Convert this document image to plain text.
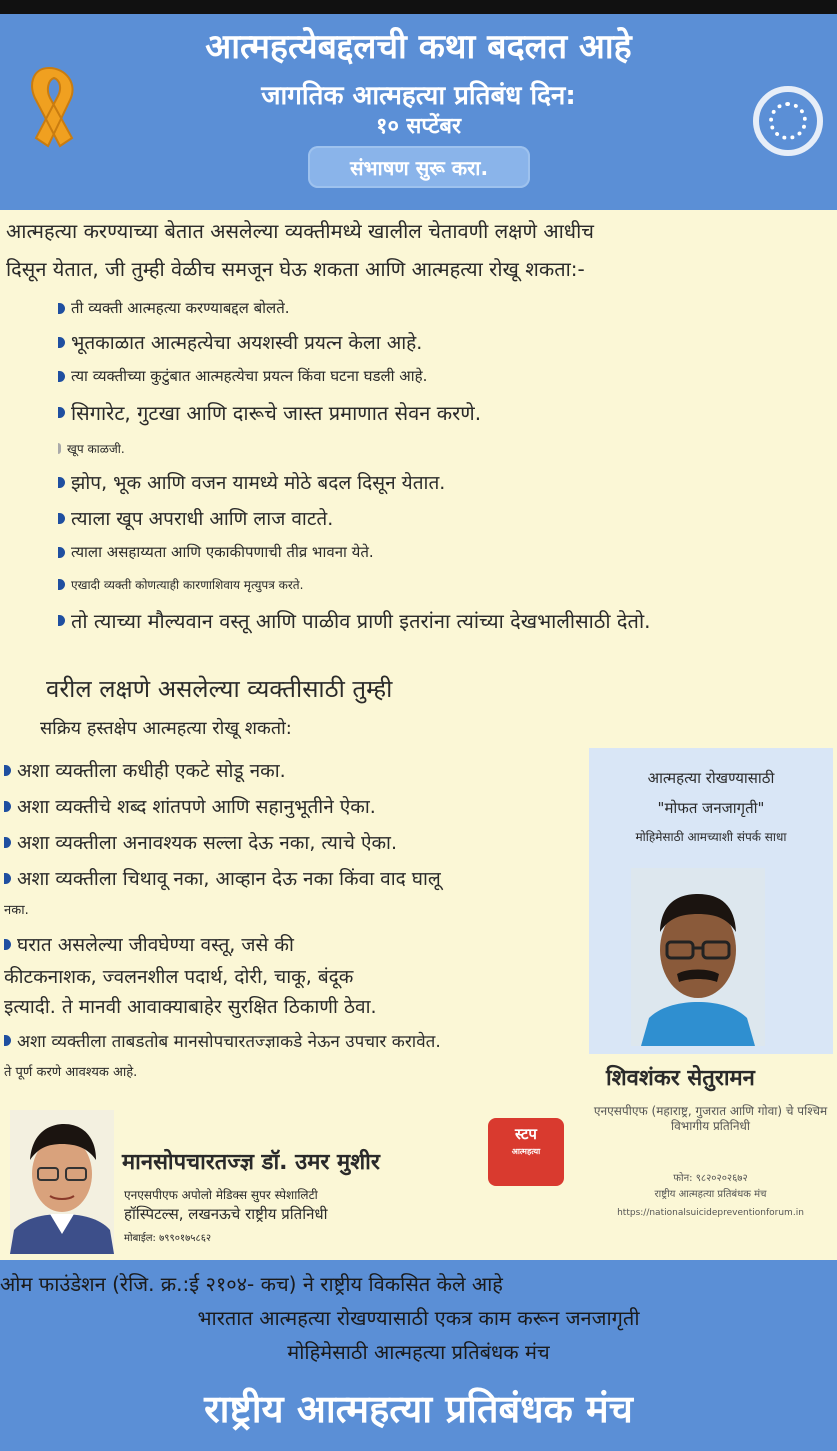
आत्महत्येबद्दलची कथा बदलत आहे
जागतिक आत्महत्या प्रतिबंध दिन:
१० सप्टेंबर
संभाषण सुरू करा.
आत्महत्या करण्याच्या बेतात असलेल्या व्यक्तीमध्ये खालील चेतावणी लक्षणे आधीच
दिसून येतात, जी तुम्ही वेळीच समजून घेऊ शकता आणि आत्महत्या रोखू शकता:-
ती व्यक्ती आत्महत्या करण्याबद्दल बोलते.
भूतकाळात आत्महत्येचा अयशस्वी प्रयत्न केला आहे.
त्या व्यक्तीच्या कुटुंबात आत्महत्येचा प्रयत्न किंवा घटना घडली आहे.
सिगारेट, गुटखा आणि दारूचे जास्त प्रमाणात सेवन करणे.
खूप काळजी.
झोप, भूक आणि वजन यामध्ये मोठे बदल दिसून येतात.
त्याला खूप अपराधी आणि लाज वाटते.
त्याला असहाय्यता आणि एकाकीपणाची तीव्र भावना येते.
एखादी व्यक्ती कोणत्याही कारणाशिवाय मृत्युपत्र करते.
तो त्याच्या मौल्यवान वस्तू आणि पाळीव प्राणी इतरांना त्यांच्या देखभालीसाठी देतो.
वरील लक्षणे असलेल्या व्यक्तीसाठी तुम्ही
सक्रिय हस्तक्षेप आत्महत्या रोखू शकतो:
अशा व्यक्तीला कधीही एकटे सोडू नका.
अशा व्यक्तीचे शब्द शांतपणे आणि सहानुभूतीने ऐका.
अशा व्यक्तीला अनावश्यक सल्ला देऊ नका, त्याचे ऐका.
अशा व्यक्तीला चिथावू नका, आव्हान देऊ नका किंवा वाद घालू
नका.
घरात असलेल्या जीवघेण्या वस्तू, जसे की
कीटकनाशक, ज्वलनशील पदार्थ, दोरी, चाकू, बंदूक
इत्यादी. ते मानवी आवाक्याबाहेर सुरक्षित ठिकाणी ठेवा.
अशा व्यक्तीला ताबडतोब मानसोपचारतज्ज्ञाकडे नेऊन उपचार करावेत.
ते पूर्ण करणे आवश्यक आहे.
आत्महत्या रोखण्यासाठी
"मोफत जनजागृती"
मोहिमेसाठी आमच्याशी संपर्क साधा
शिवशंकर सेतुरामन
एनएसपीएफ (महाराष्ट्र, गुजरात आणि गोवा) चे पश्चिम विभागीय प्रतिनिधी
फोन: ९८२०२०२६७२
राष्ट्रीय आत्महत्या प्रतिबंधक मंच
https://nationalsuicidepreventionforum.in
मानसोपचारतज्ज्ञ डॉ. उमर मुशीर
एनएसपीएफ अपोलो मेडिक्स सुपर स्पेशालिटी
हॉस्पिटल्स, लखनऊचे राष्ट्रीय प्रतिनिधी
मोबाईल: ७९९०१७५८६२
स्टप
आत्महत्या
ओम फाउंडेशन (रेजि. क्र.:ई २१०४- कच) ने राष्ट्रीय विकसित केले आहे
भारतात आत्महत्या रोखण्यासाठी एकत्र काम करून जनजागृती
मोहिमेसाठी आत्महत्या प्रतिबंधक मंच
राष्ट्रीय आत्महत्या प्रतिबंधक मंच
